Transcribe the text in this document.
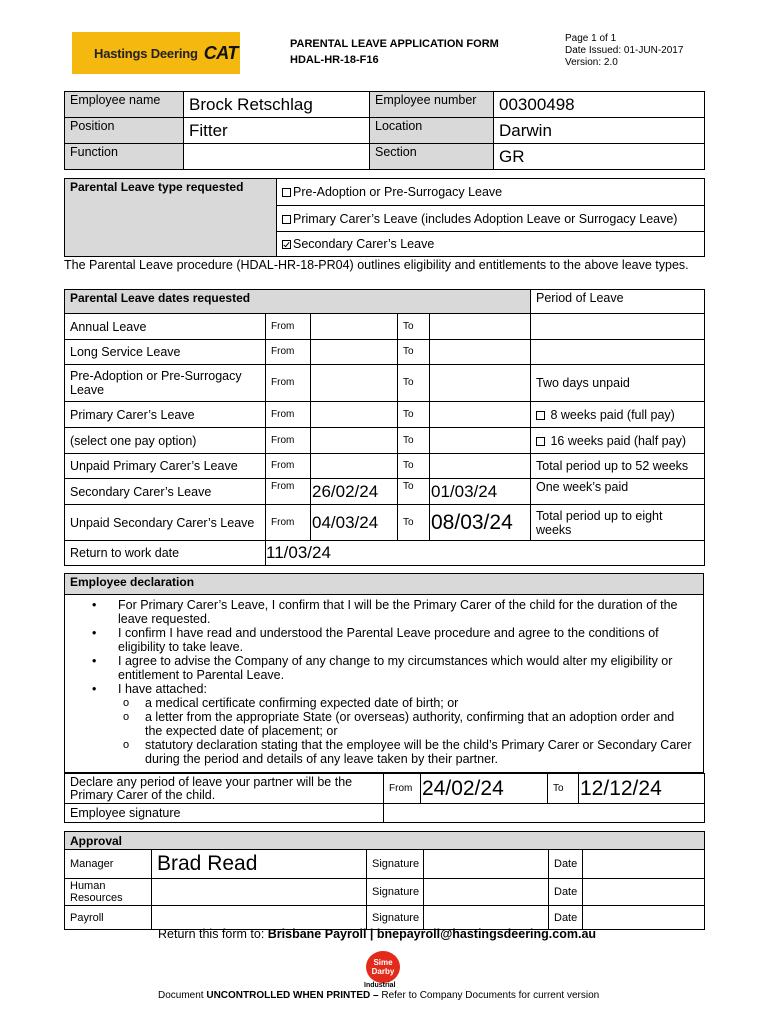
Hastings Deering CAT	PARENTAL LEAVE APPLICATION FORM
HDAL-HR-18-F16
Page 1 of 1
Date Issued: 01-JUN-2017
Version: 2.0
Employee name	Brock Retschlag	Employee number	00300498
Position	Fitter	Location	Darwin
Function		Section	GR
Parental Leave type requested	Pre-Adoption or Pre-Surrogacy Leave
Primary Carer’s Leave (includes Adoption Leave or Surrogacy Leave)
Secondary Carer’s Leave
The Parental Leave procedure (HDAL-HR-18-PR04) outlines eligibility and entitlements to the above leave types.
Parental Leave dates requested					Period of Leave
Annual Leave	From		To		
Long Service Leave	From		To		
Pre-Adoption or Pre-Surrogacy Leave	From		To		Two days unpaid
Primary Carer’s Leave	From		To		8 weeks paid (full pay)
(select one pay option)	From		To		16 weeks paid (half pay)
Unpaid Primary Carer’s Leave	From		To		Total period up to 52 weeks
Secondary Carer’s Leave	From	26/02/24	To	01/03/24	One week’s paid
Unpaid Secondary Carer’s Leave	From	04/03/24	To	08/03/24	Total period up to eight weeks
Return to work date	11/03/24				
Employee declaration
• For Primary Carer’s Leave, I confirm that I will be the Primary Carer of the child for the duration of the leave requested.
• I confirm I have read and understood the Parental Leave procedure and agree to the conditions of eligibility to take leave.
• I agree to advise the Company of any change to my circumstances which would alter my eligibility or entitlement to Parental Leave.
• I have attached:
o a medical certificate confirming expected date of birth; or
o a letter from the appropriate State (or overseas) authority, confirming that an adoption order and the expected date of placement; or
o statutory declaration stating that the employee will be the child’s Primary Carer or Secondary Carer during the period and details of any leave taken by their partner.
Declare any period of leave your partner will be the Primary Carer of the child.	From	24/02/24	To	12/12/24
Employee signature				
Approval					
Manager	Brad Read	Signature		Date	
Human Resources		Signature		Date	
Payroll		Signature		Date	
Return this form to: Brisbane Payroll | bnepayroll@hastingsdeering.com.au
Sime Darby
Industrial
Document UNCONTROLLED WHEN PRINTED – Refer to Company Documents for current version
